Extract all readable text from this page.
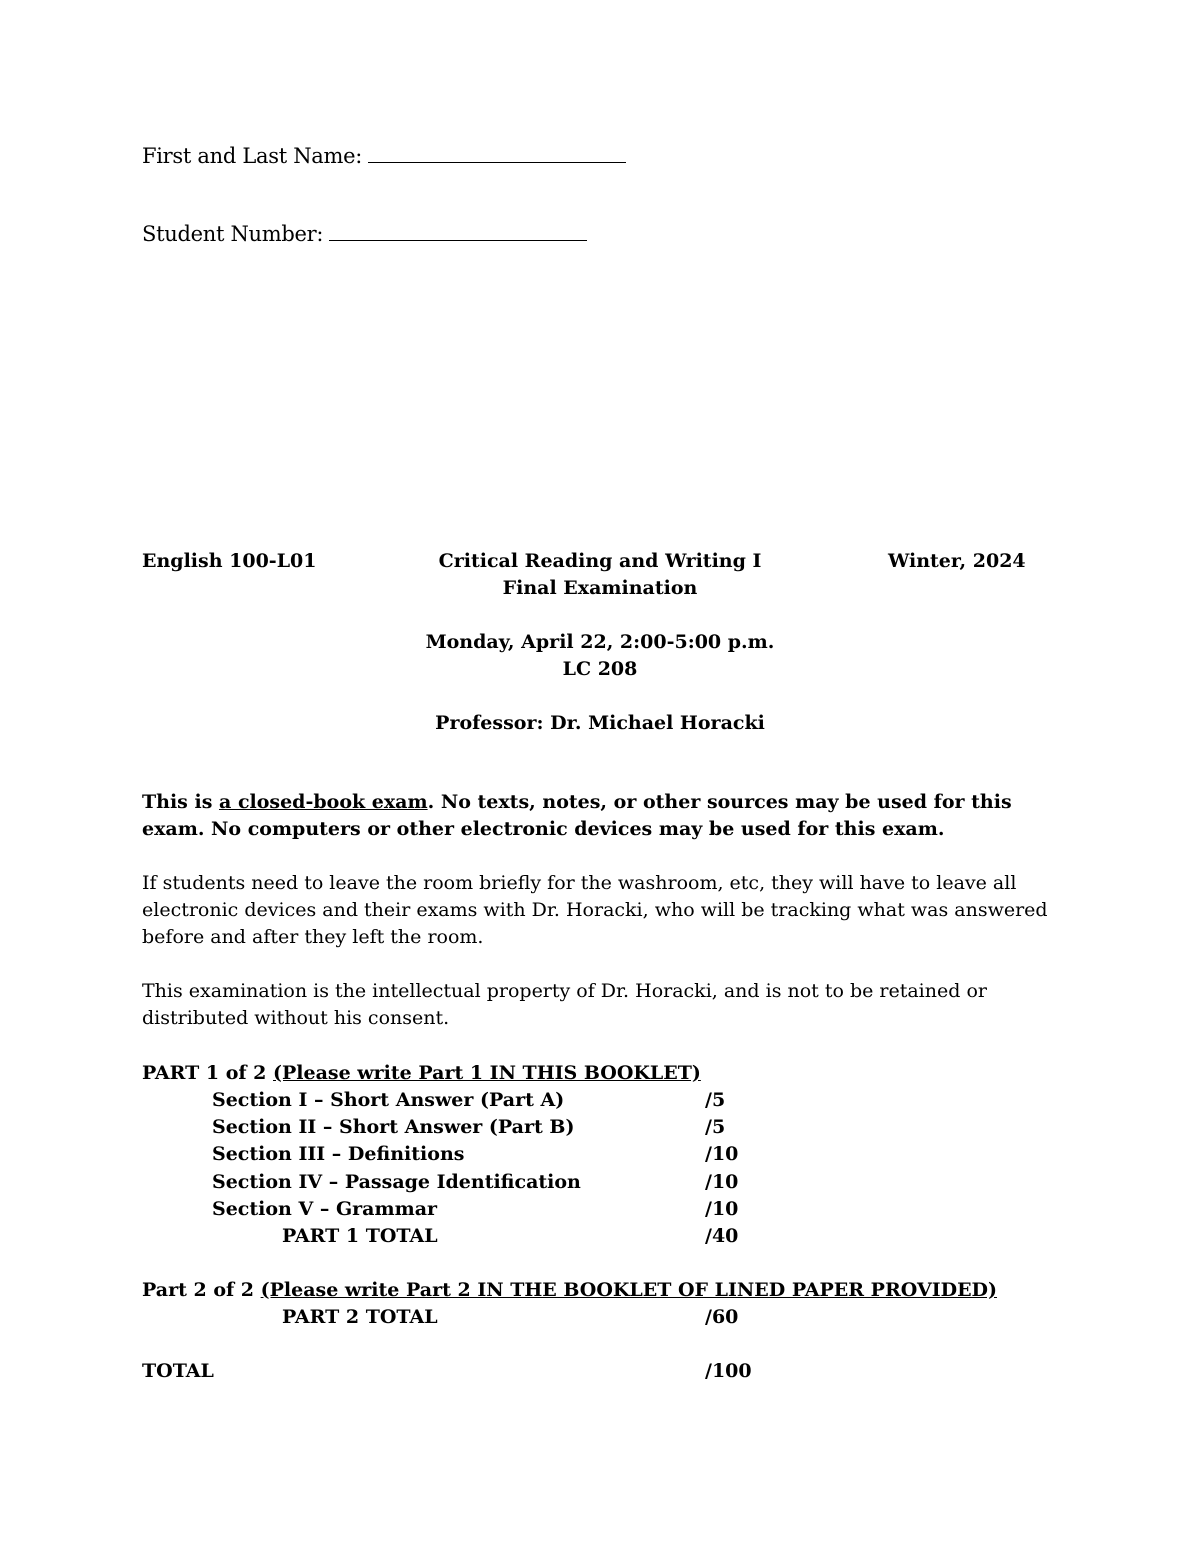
First and Last Name:
Student Number:
English 100-L01	Critical Reading and Writing I	Winter, 2024
Final Examination
Monday, April 22, 2:00-5:00 p.m.
LC 208
Professor: Dr. Michael Horacki
This is a closed-book exam. No texts, notes, or other sources may be used for this exam. No computers or other electronic devices may be used for this exam.
If students need to leave the room briefly for the washroom, etc, they will have to leave all electronic devices and their exams with Dr. Horacki, who will be tracking what was answered before and after they left the room.
This examination is the intellectual property of Dr. Horacki, and is not to be retained or distributed without his consent.
PART 1 of 2 (Please write Part 1 IN THIS BOOKLET)
Section I – Short Answer (Part A)	/5
Section II – Short Answer (Part B)	/5
Section III – Definitions	/10
Section IV – Passage Identification	/10
Section V – Grammar	/10
PART 1 TOTAL	/40
Part 2 of 2 (Please write Part 2 IN THE BOOKLET OF LINED PAPER PROVIDED)
PART 2 TOTAL	/60
TOTAL	/100
